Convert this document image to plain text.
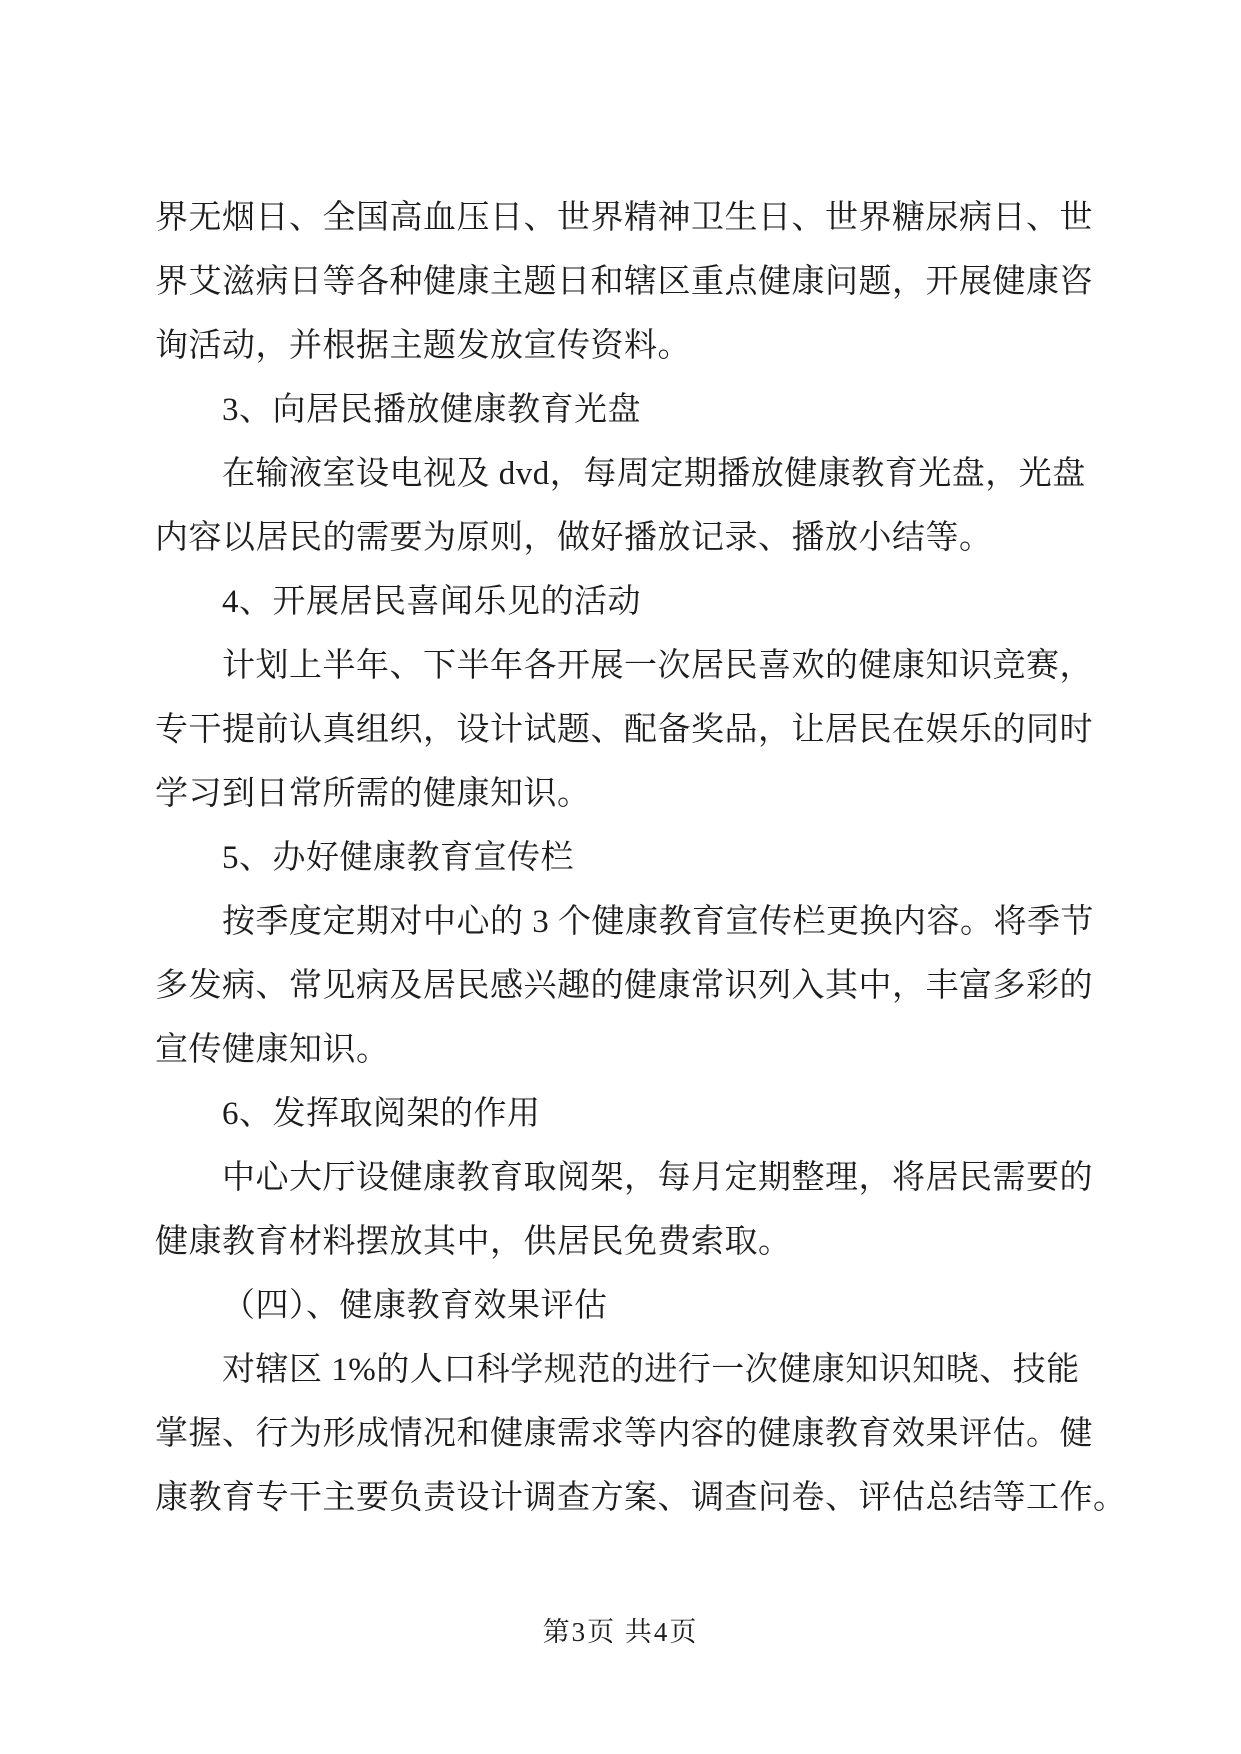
界无烟日、全国高血压日、世界精神卫生日、世界糖尿病日、世
界艾滋病日等各种健康主题日和辖区重点健康问题，开展健康咨
询活动，并根据主题发放宣传资料。
3、向居民播放健康教育光盘
在输液室设电视及 dvd，每周定期播放健康教育光盘，光盘
内容以居民的需要为原则，做好播放记录、播放小结等。
4、开展居民喜闻乐见的活动
计划上半年、下半年各开展一次居民喜欢的健康知识竞赛，
专干提前认真组织，设计试题、配备奖品，让居民在娱乐的同时
学习到日常所需的健康知识。
5、办好健康教育宣传栏
按季度定期对中心的 3 个健康教育宣传栏更换内容。将季节
多发病、常见病及居民感兴趣的健康常识列入其中，丰富多彩的
宣传健康知识。
6、发挥取阅架的作用
中心大厅设健康教育取阅架，每月定期整理，将居民需要的
健康教育材料摆放其中，供居民免费索取。
（四）、健康教育效果评估
对辖区 1%的人口科学规范的进行一次健康知识知晓、技能
掌握、行为形成情况和健康需求等内容的健康教育效果评估。健
康教育专干主要负责设计调查方案、调查问卷、评估总结等工作。
第3页 共4页
